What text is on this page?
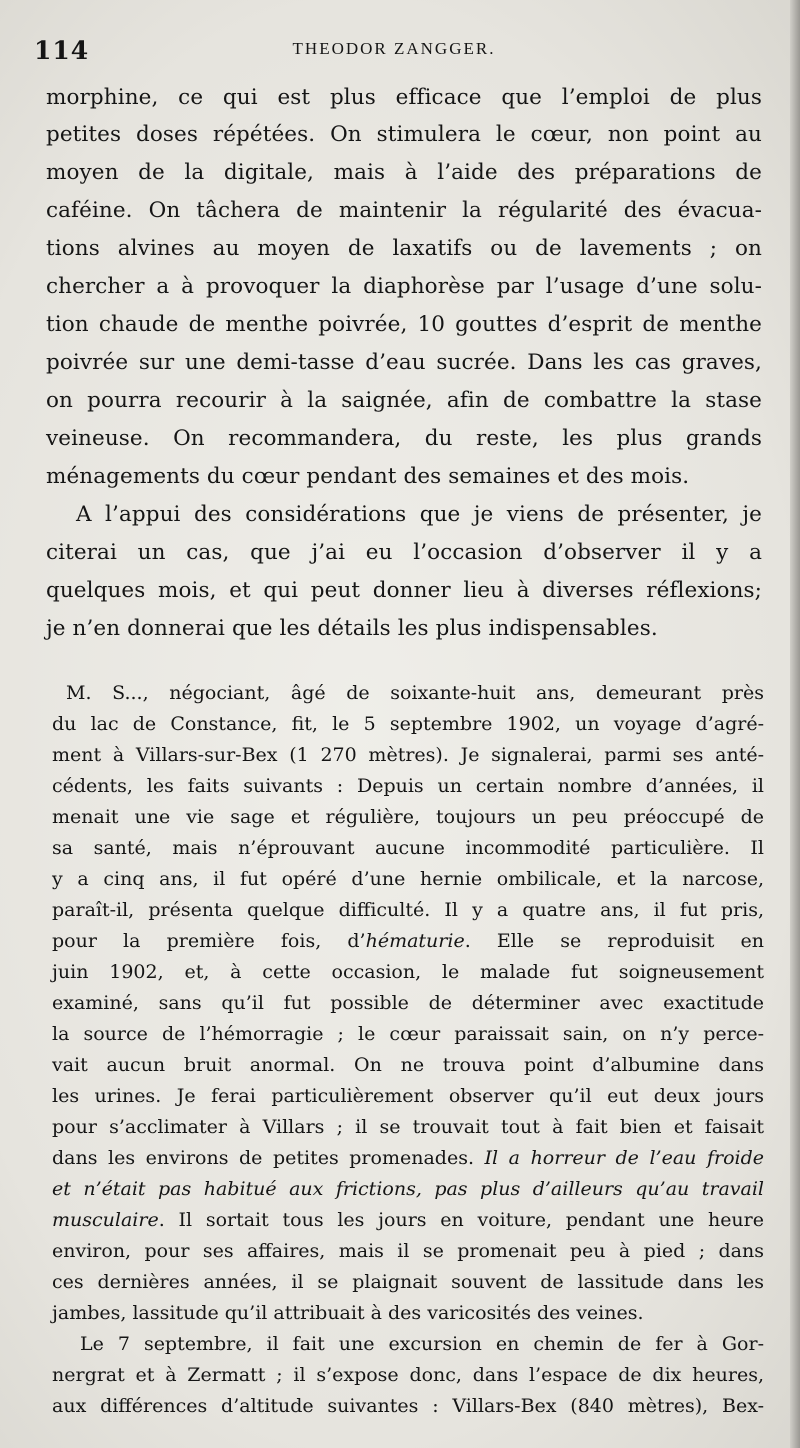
114	THEODOR ZANGGER.
morphine, ce qui est plus efficace que l’emploi de plus
petites doses répétées. On stimulera le cœur, non point au
moyen de la digitale, mais à l’aide des préparations de
caféine. On tâchera de maintenir la régularité des évacua-
tions alvines au moyen de laxatifs ou de lavements ; on
chercher a à provoquer la diaphorèse par l’usage d’une solu-
tion chaude de menthe poivrée, 10 gouttes d’esprit de menthe
poivrée sur une demi-tasse d’eau sucrée. Dans les cas graves,
on pourra recourir à la saignée, afin de combattre la stase
veineuse. On recommandera, du reste, les plus grands
ménagements du cœur pendant des semaines et des mois.
A l’appui des considérations que je viens de présenter, je
citerai un cas, que j’ai eu l’occasion d’observer il y a
quelques mois, et qui peut donner lieu à diverses réflexions;
je n’en donnerai que les détails les plus indispensables.
M. S..., négociant, âgé de soixante-huit ans, demeurant près
du lac de Constance, fit, le 5 septembre 1902, un voyage d’agré-
ment à Villars-sur-Bex (1 270 mètres). Je signalerai, parmi ses anté-
cédents, les faits suivants : Depuis un certain nombre d’années, il
menait une vie sage et régulière, toujours un peu préoccupé de
sa santé, mais n’éprouvant aucune incommodité particulière. Il
y a cinq ans, il fut opéré d’une hernie ombilicale, et la narcose,
paraît-il, présenta quelque difficulté. Il y a quatre ans, il fut pris,
pour la première fois, d’hématurie. Elle se reproduisit en
juin 1902, et, à cette occasion, le malade fut soigneusement
examiné, sans qu’il fut possible de déterminer avec exactitude
la source de l’hémorragie ; le cœur paraissait sain, on n’y perce-
vait aucun bruit anormal. On ne trouva point d’albumine dans
les urines. Je ferai particulièrement observer qu’il eut deux jours
pour s’acclimater à Villars ; il se trouvait tout à fait bien et faisait
dans les environs de petites promenades. Il a horreur de l’eau froide
et n’était pas habitué aux frictions, pas plus d’ailleurs qu’au travail
musculaire. Il sortait tous les jours en voiture, pendant une heure
environ, pour ses affaires, mais il se promenait peu à pied ; dans
ces dernières années, il se plaignait souvent de lassitude dans les
jambes, lassitude qu’il attribuait à des varicosités des veines.
Le 7 septembre, il fait une excursion en chemin de fer à Gor-
nergrat et à Zermatt ; il s’expose donc, dans l’espace de dix heures,
aux différences d’altitude suivantes : Villars-Bex (840 mètres), Bex-
